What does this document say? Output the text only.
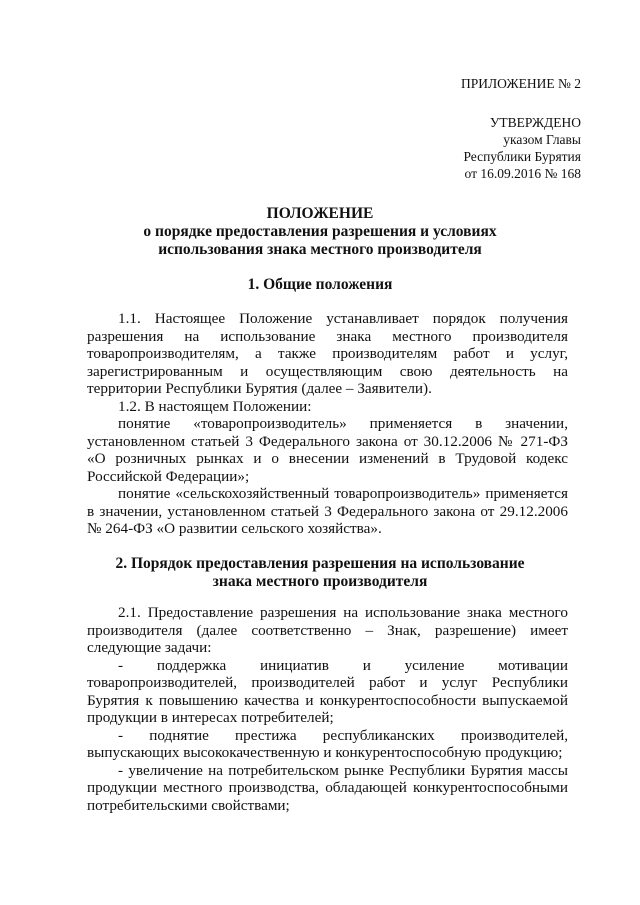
ПРИЛОЖЕНИЕ № 2
УТВЕРЖДЕНО
указом Главы
Республики Бурятия
от 16.09.2016 № 168
ПОЛОЖЕНИЕ
о порядке предоставления разрешения и условиях
использования знака местного производителя
1. Общие положения

1.1. Настоящее Положение устанавливает порядок получения разрешения на использование знака местного производителя товаропроизводителям, а также производителям работ и услуг, зарегистрированным и осуществляющим свою деятельность на территории Республики Бурятия (далее – Заявители).

1.2. В настоящем Положении:

понятие «товаропроизводитель» применяется в значении, установленном статьей 3 Федерального закона от 30.12.2006 № 271-ФЗ «О розничных рынках и о внесении изменений в Трудовой кодекс Российской Федерации»;

понятие «сельскохозяйственный товаропроизводитель» применяется в значении, установленном статьей 3 Федерального закона от 29.12.2006 № 264-ФЗ «О развитии сельского хозяйства».

2. Порядок предоставления разрешения на использование
знака местного производителя

2.1. Предоставление разрешения на использование знака местного производителя (далее соответственно – Знак, разрешение) имеет следующие задачи:

- поддержка инициатив и усиление мотивации товаропроизводителей, производителей работ и услуг Республики Бурятия к повышению качества и конкурентоспособности выпускаемой продукции в интересах потребителей;

- поднятие престижа республиканских производителей, выпускающих высококачественную и конкурентоспособную продукцию;

- увеличение на потребительском рынке Республики Бурятия массы продукции местного производства, обладающей конкурентоспособными потребительскими свойствами;
